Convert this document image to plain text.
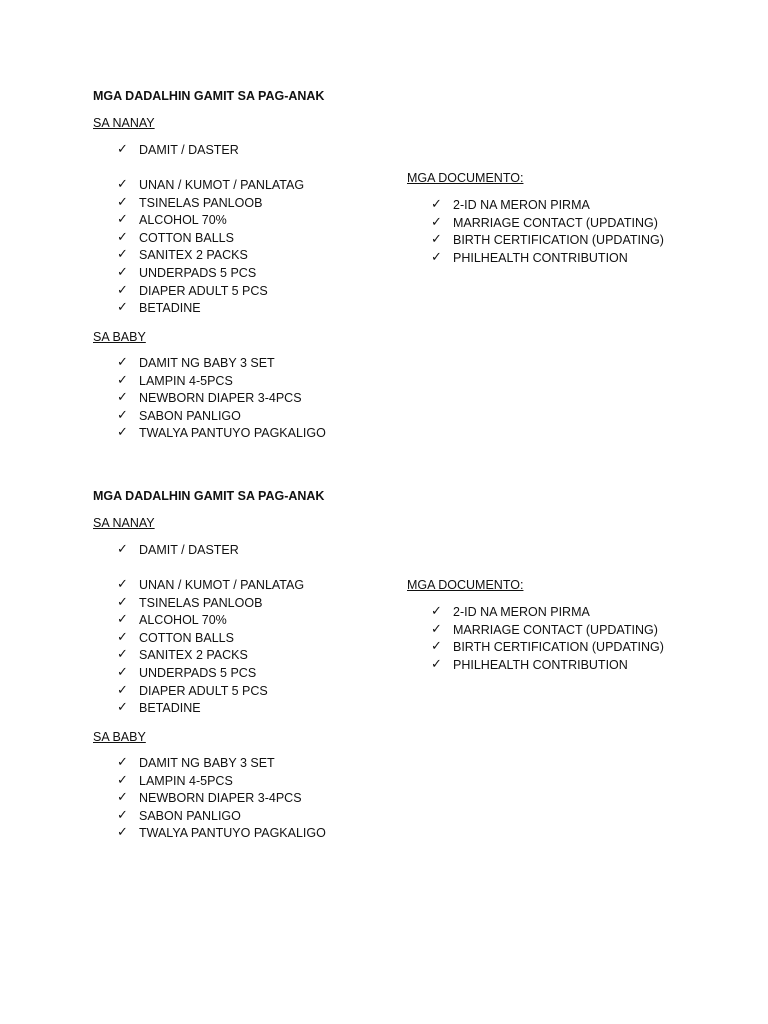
MGA DADALHIN GAMIT SA PAG-ANAK
SA NANAY
✓ DAMIT / DASTER
✓ UNAN / KUMOT / PANLATAG
✓ TSINELAS PANLOOB
✓ ALCOHOL 70%
✓ COTTON BALLS
✓ SANITEX 2 PACKS
✓ UNDERPADS 5 PCS
✓ DIAPER ADULT 5 PCS
✓ BETADINE
SA BABY
✓ DAMIT NG BABY 3 SET
✓ LAMPIN 4-5PCS
✓ NEWBORN DIAPER 3-4PCS
✓ SABON PANLIGO
✓ TWALYA PANTUYO PAGKALIGO
MGA DOCUMENTO:
✓ 2-ID NA MERON PIRMA
✓ MARRIAGE CONTACT (UPDATING)
✓ BIRTH CERTIFICATION (UPDATING)
✓ PHILHEALTH CONTRIBUTION
MGA DADALHIN GAMIT SA PAG-ANAK
SA NANAY
✓ DAMIT / DASTER
✓ UNAN / KUMOT / PANLATAG
✓ TSINELAS PANLOOB
✓ ALCOHOL 70%
✓ COTTON BALLS
✓ SANITEX 2 PACKS
✓ UNDERPADS 5 PCS
✓ DIAPER ADULT 5 PCS
✓ BETADINE
SA BABY
✓ DAMIT NG BABY 3 SET
✓ LAMPIN 4-5PCS
✓ NEWBORN DIAPER 3-4PCS
✓ SABON PANLIGO
✓ TWALYA PANTUYO PAGKALIGO
MGA DOCUMENTO:
✓ 2-ID NA MERON PIRMA
✓ MARRIAGE CONTACT (UPDATING)
✓ BIRTH CERTIFICATION (UPDATING)
✓ PHILHEALTH CONTRIBUTION
